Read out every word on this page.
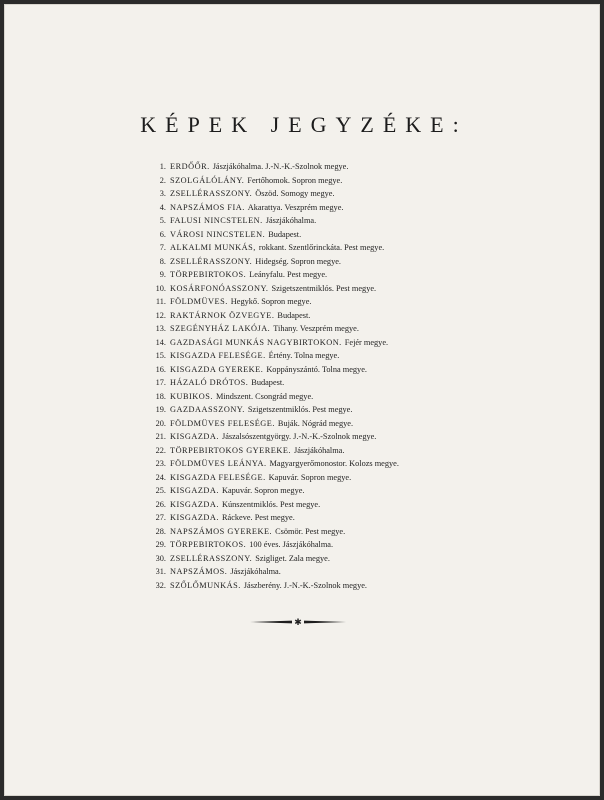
KÉPEK JEGYZÉKE:
1. ERDŐŐR. Jászjákóhalma. J.-N.-K.-Szolnok megye.
2. SZOLGÁLÓLÁNY. Fertőhomok. Sopron megye.
3. ZSELLÉRASSZONY. Öszöd. Somogy megye.
4. NAPSZÁMOS FIA. Akarattya. Veszprém megye.
5. FALUSI NINCSTELEN. Jászjákóhalma.
6. VÁROSI NINCSTELEN. Budapest.
7. ALKALMI MUNKÁS, rokkant. Szentlőrinckáta. Pest megye.
8. ZSELLÉRASSZONY. Hidegség. Sopron megye.
9. TÖRPEBIRTOKOS. Leányfalu. Pest megye.
10. KOSÁRFONÓASSZONY. Szigetszentmiklós. Pest megye.
11. FÖLDMÜVES. Hegykő. Sopron megye.
12. RAKTÁRNOK ÖZVEGYE. Budapest.
13. SZEGÉNYHÁZ LAKÓJA. Tihany. Veszprém megye.
14. GAZDASÁGI MUNKÁS NAGYBIRTOKON. Fejér megye.
15. KISGAZDA FELESÉGE. Értény. Tolna megye.
16. KISGAZDA GYEREKE. Koppányszántó. Tolna megye.
17. HÁZALÓ DRÓTOS. Budapest.
18. KUBIKOS. Mindszent. Csongrád megye.
19. GAZDAASSZONY. Szigetszentmiklós. Pest megye.
20. FÖLDMÜVES FELESÉGE. Buják. Nógrád megye.
21. KISGAZDA. Jászalsószentgyörgy. J.-N.-K.-Szolnok megye.
22. TÖRPEBIRTOKOS GYEREKE. Jászjákóhalma.
23. FÖLDMÜVES LEÁNYA. Magyargyerőmonostor. Kolozs megye.
24. KISGAZDA FELESÉGE. Kapuvár. Sopron megye.
25. KISGAZDA. Kapuvár. Sopron megye.
26. KISGAZDA. Kúnszentmiklós. Pest megye.
27. KISGAZDA. Ráckeve. Pest megye.
28. NAPSZÁMOS GYEREKE. Csömör. Pest megye.
29. TÖRPEBIRTOKOS. 100 éves. Jászjákóhalma.
30. ZSELLÉRASSZONY. Szigliget. Zala megye.
31. NAPSZÁMOS. Jászjákóhalma.
32. SZŐLŐMUNKÁS. Jászberény. J.-N.-K.-Szolnok megye.
✱
